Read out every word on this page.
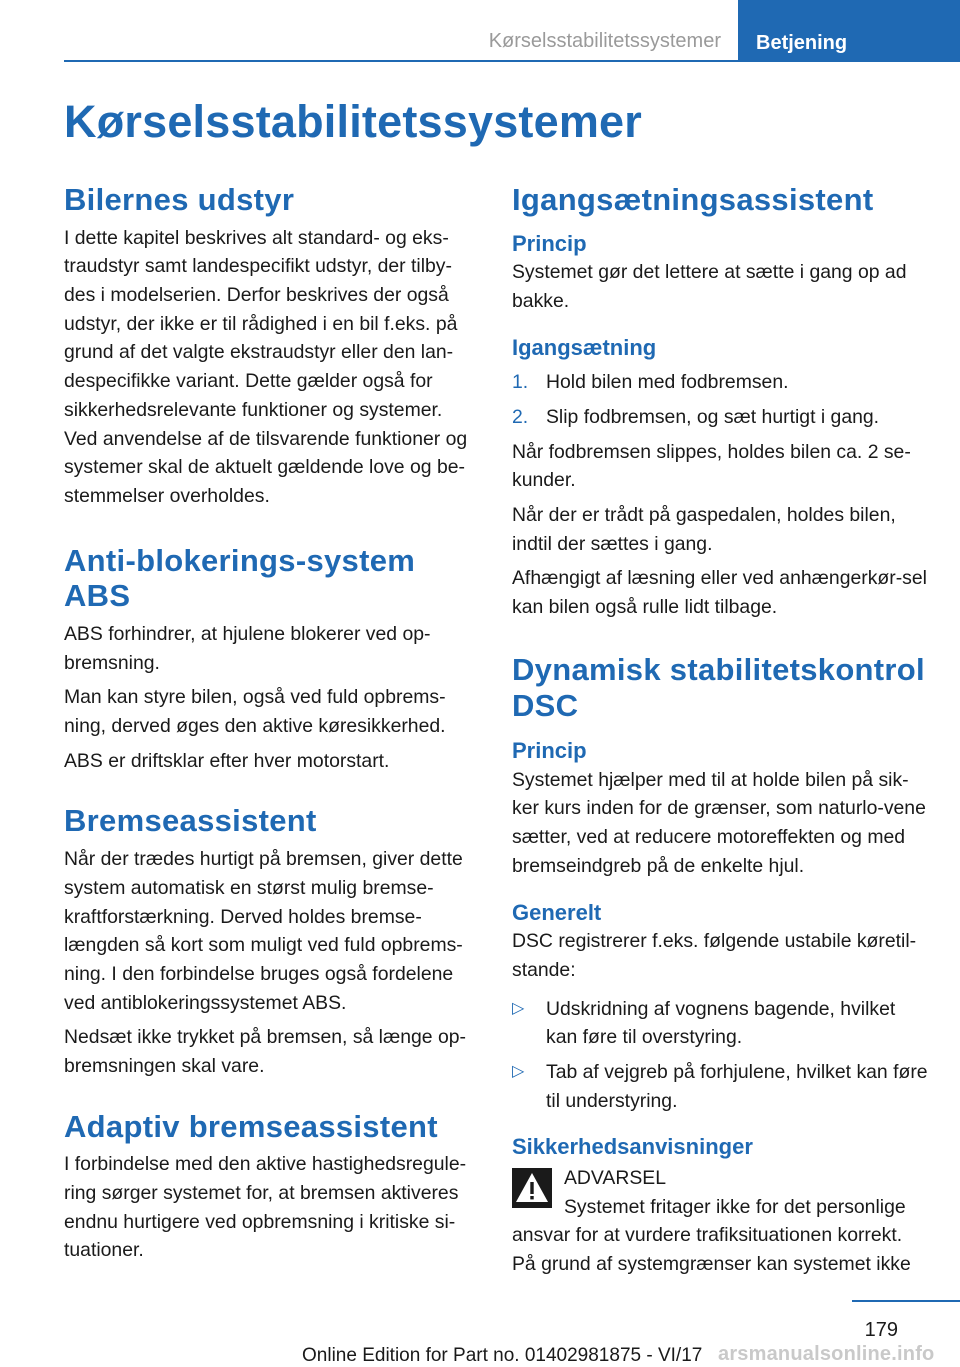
Kørselsstabilitetssystemer Betjening
Kørselsstabilitetssystemer
Bilernes udstyr

I dette kapitel beskrives alt standard- og eks-traudstyr samt landespecifikt udstyr, der tilby-des i modelserien. Derfor beskrives der også udstyr, der ikke er til rådighed i en bil f.eks. på grund af det valgte ekstraudstyr eller den lan-despecifikke variant. Dette gælder også for sikkerhedsrelevante funktioner og systemer. Ved anvendelse af de tilsvarende funktioner og systemer skal de aktuelt gældende love og be-stemmelser overholdes.

Anti-blokerings-system ABS

ABS forhindrer, at hjulene blokerer ved op-bremsning.

Man kan styre bilen, også ved fuld opbrems-ning, derved øges den aktive køresikkerhed.

ABS er driftsklar efter hver motorstart.

Bremseassistent

Når der trædes hurtigt på bremsen, giver dette system automatisk en størst mulig bremse-kraftforstærkning. Derved holdes bremse-længden så kort som muligt ved fuld opbrems-ning. I den forbindelse bruges også fordelene ved antiblokeringssystemet ABS.

Nedsæt ikke trykket på bremsen, så længe op-bremsningen skal vare.

Adaptiv bremseassistent

I forbindelse med den aktive hastighedsregule-ring sørger systemet for, at bremsen aktiveres endnu hurtigere ved opbremsning i kritiske si-tuationer.

Igangsætningsassistent
Princip

Systemet gør det lettere at sætte i gang op ad bakke.

Igangsætning
1. Hold bilen med fodbremsen.
2. Slip fodbremsen, og sæt hurtigt i gang.

Når fodbremsen slippes, holdes bilen ca. 2 se-kunder.

Når der er trådt på gaspedalen, holdes bilen, indtil der sættes i gang.

Afhængigt af læsning eller ved anhængerkør-sel kan bilen også rulle lidt tilbage.

Dynamisk stabilitetskontrol DSC
Princip

Systemet hjælper med til at holde bilen på sik-ker kurs inden for de grænser, som naturlo-vene sætter, ved at reducere motoreffekten og med bremseindgreb på de enkelte hjul.

Generelt

DSC registrerer f.eks. følgende ustabile køretil-stande:

▷ Udskridning af vognens bagende, hvilket kan føre til overstyring.
▷ Tab af vejgreb på forhjulene, hvilket kan føre til understyring.
Sikkerhedsanvisninger

ADVARSEL

Systemet fritager ikke for det personlige ansvar for at vurdere trafiksituationen korrekt. På grund af systemgrænser kan systemet ikke

179
arsmanualsonline.info
Online Edition for Part no. 01402981875 - VI/17
